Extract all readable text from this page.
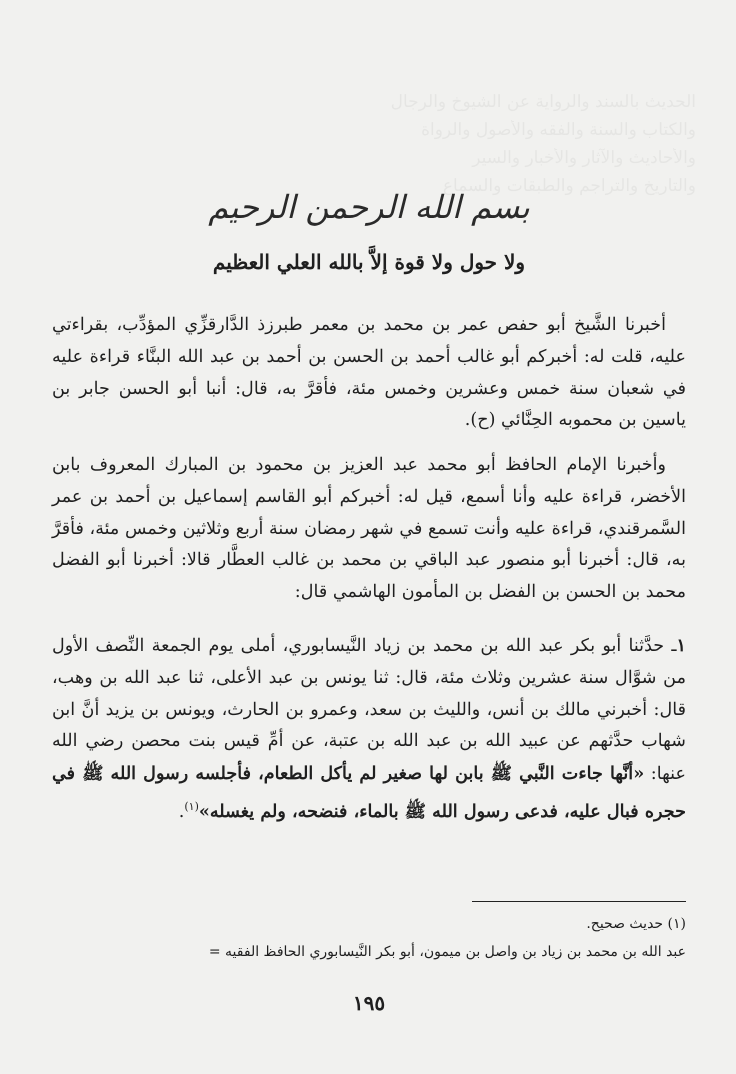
ﺍﻟﺤﺪﻳﺚ ﺑﺎﻟﺴﻨﺪ ﻭﺍﻟﺮﻭﺍﻳﺔ ﻋﻦ ﺍﻟﺸﻴﻮﺥ ﻭﺍﻟﺮﺟﺎﻝ
ﻭﺍﻟﻜﺘﺎﺏ ﻭﺍﻟﺴﻨﺔ ﻭﺍﻟﻔﻘﻪ ﻭﺍﻷﺻﻮﻝ ﻭﺍﻟﺮﻭﺍﺓ
ﻭﺍﻷﺣﺎﺩﻳﺚ ﻭﺍﻵﺛﺎﺭ ﻭﺍﻷﺧﺒﺎﺭ ﻭﺍﻟﺴﻴﺮ
ﻭﺍﻟﺘﺎﺭﻳﺦ ﻭﺍﻟﺘﺮﺍﺟﻢ ﻭﺍﻟﻄﺒﻘﺎﺕ ﻭﺍﻟﺴﻤﺎﻉ
بسم الله الرحمن الرحيم
ولا حول ولا قوة إلاَّ بالله العلي العظيم
أخبرنا الشَّيخ أبو حفص عمر بن محمد بن معمر طبرزذ الدَّارقزِّي المؤدِّب، بقراءتي عليه، قلت له: أخبركم أبو غالب أحمد بن الحسن بن أحمد بن عبد الله البنَّاء قراءة عليه في شعبان سنة خمس وعشرين وخمس مئة، فأقرَّ به، قال: أنبا أبو الحسن جابر بن ياسين بن محموبه الحِنَّائي (ح).
وأخبرنا الإمام الحافظ أبو محمد عبد العزيز بن محمود بن المبارك المعروف بابن الأخضر، قراءة عليه وأنا أسمع، قيل له: أخبركم أبو القاسم إسماعيل بن أحمد بن عمر السَّمرقندي، قراءة عليه وأنت تسمع في شهر رمضان سنة أربع وثلاثين وخمس مئة، فأقرَّ به، قال: أخبرنا أبو منصور عبد الباقي بن محمد بن غالب العطَّار قالا: أخبرنا أبو الفضل محمد بن الحسن بن الفضل بن المأمون الهاشمي قال:
١ـ حدَّثنا أبو بكر عبد الله بن محمد بن زياد النَّيسابوري، أملى يوم الجمعة النِّصف الأول من شوَّال سنة عشرين وثلاث مئة، قال: ثنا يونس بن عبد الأعلى، ثنا عبد الله بن وهب، قال: أخبرني مالك بن أنس، والليث بن سعد، وعمرو بن الحارث، ويونس بن يزيد أنَّ ابن شهاب حدَّثهم عن عبيد الله بن عبد الله بن عتبة، عن أمِّ قيس بنت محصن رضي الله عنها: «أنَّها جاءت النَّبي ﷺ بابن لها صغير لم يأكل الطعام، فأجلسه رسول الله ﷺ في حجره فبال عليه، فدعى رسول الله ﷺ بالماء، فنضحه، ولم يغسله»$^{(١)}$.
(١) حديث صحيح.
عبد الله بن محمد بن زياد بن واصل بن ميمون، أبو بكر النَّيسابوري الحافظ الفقيه =
١٩٥
